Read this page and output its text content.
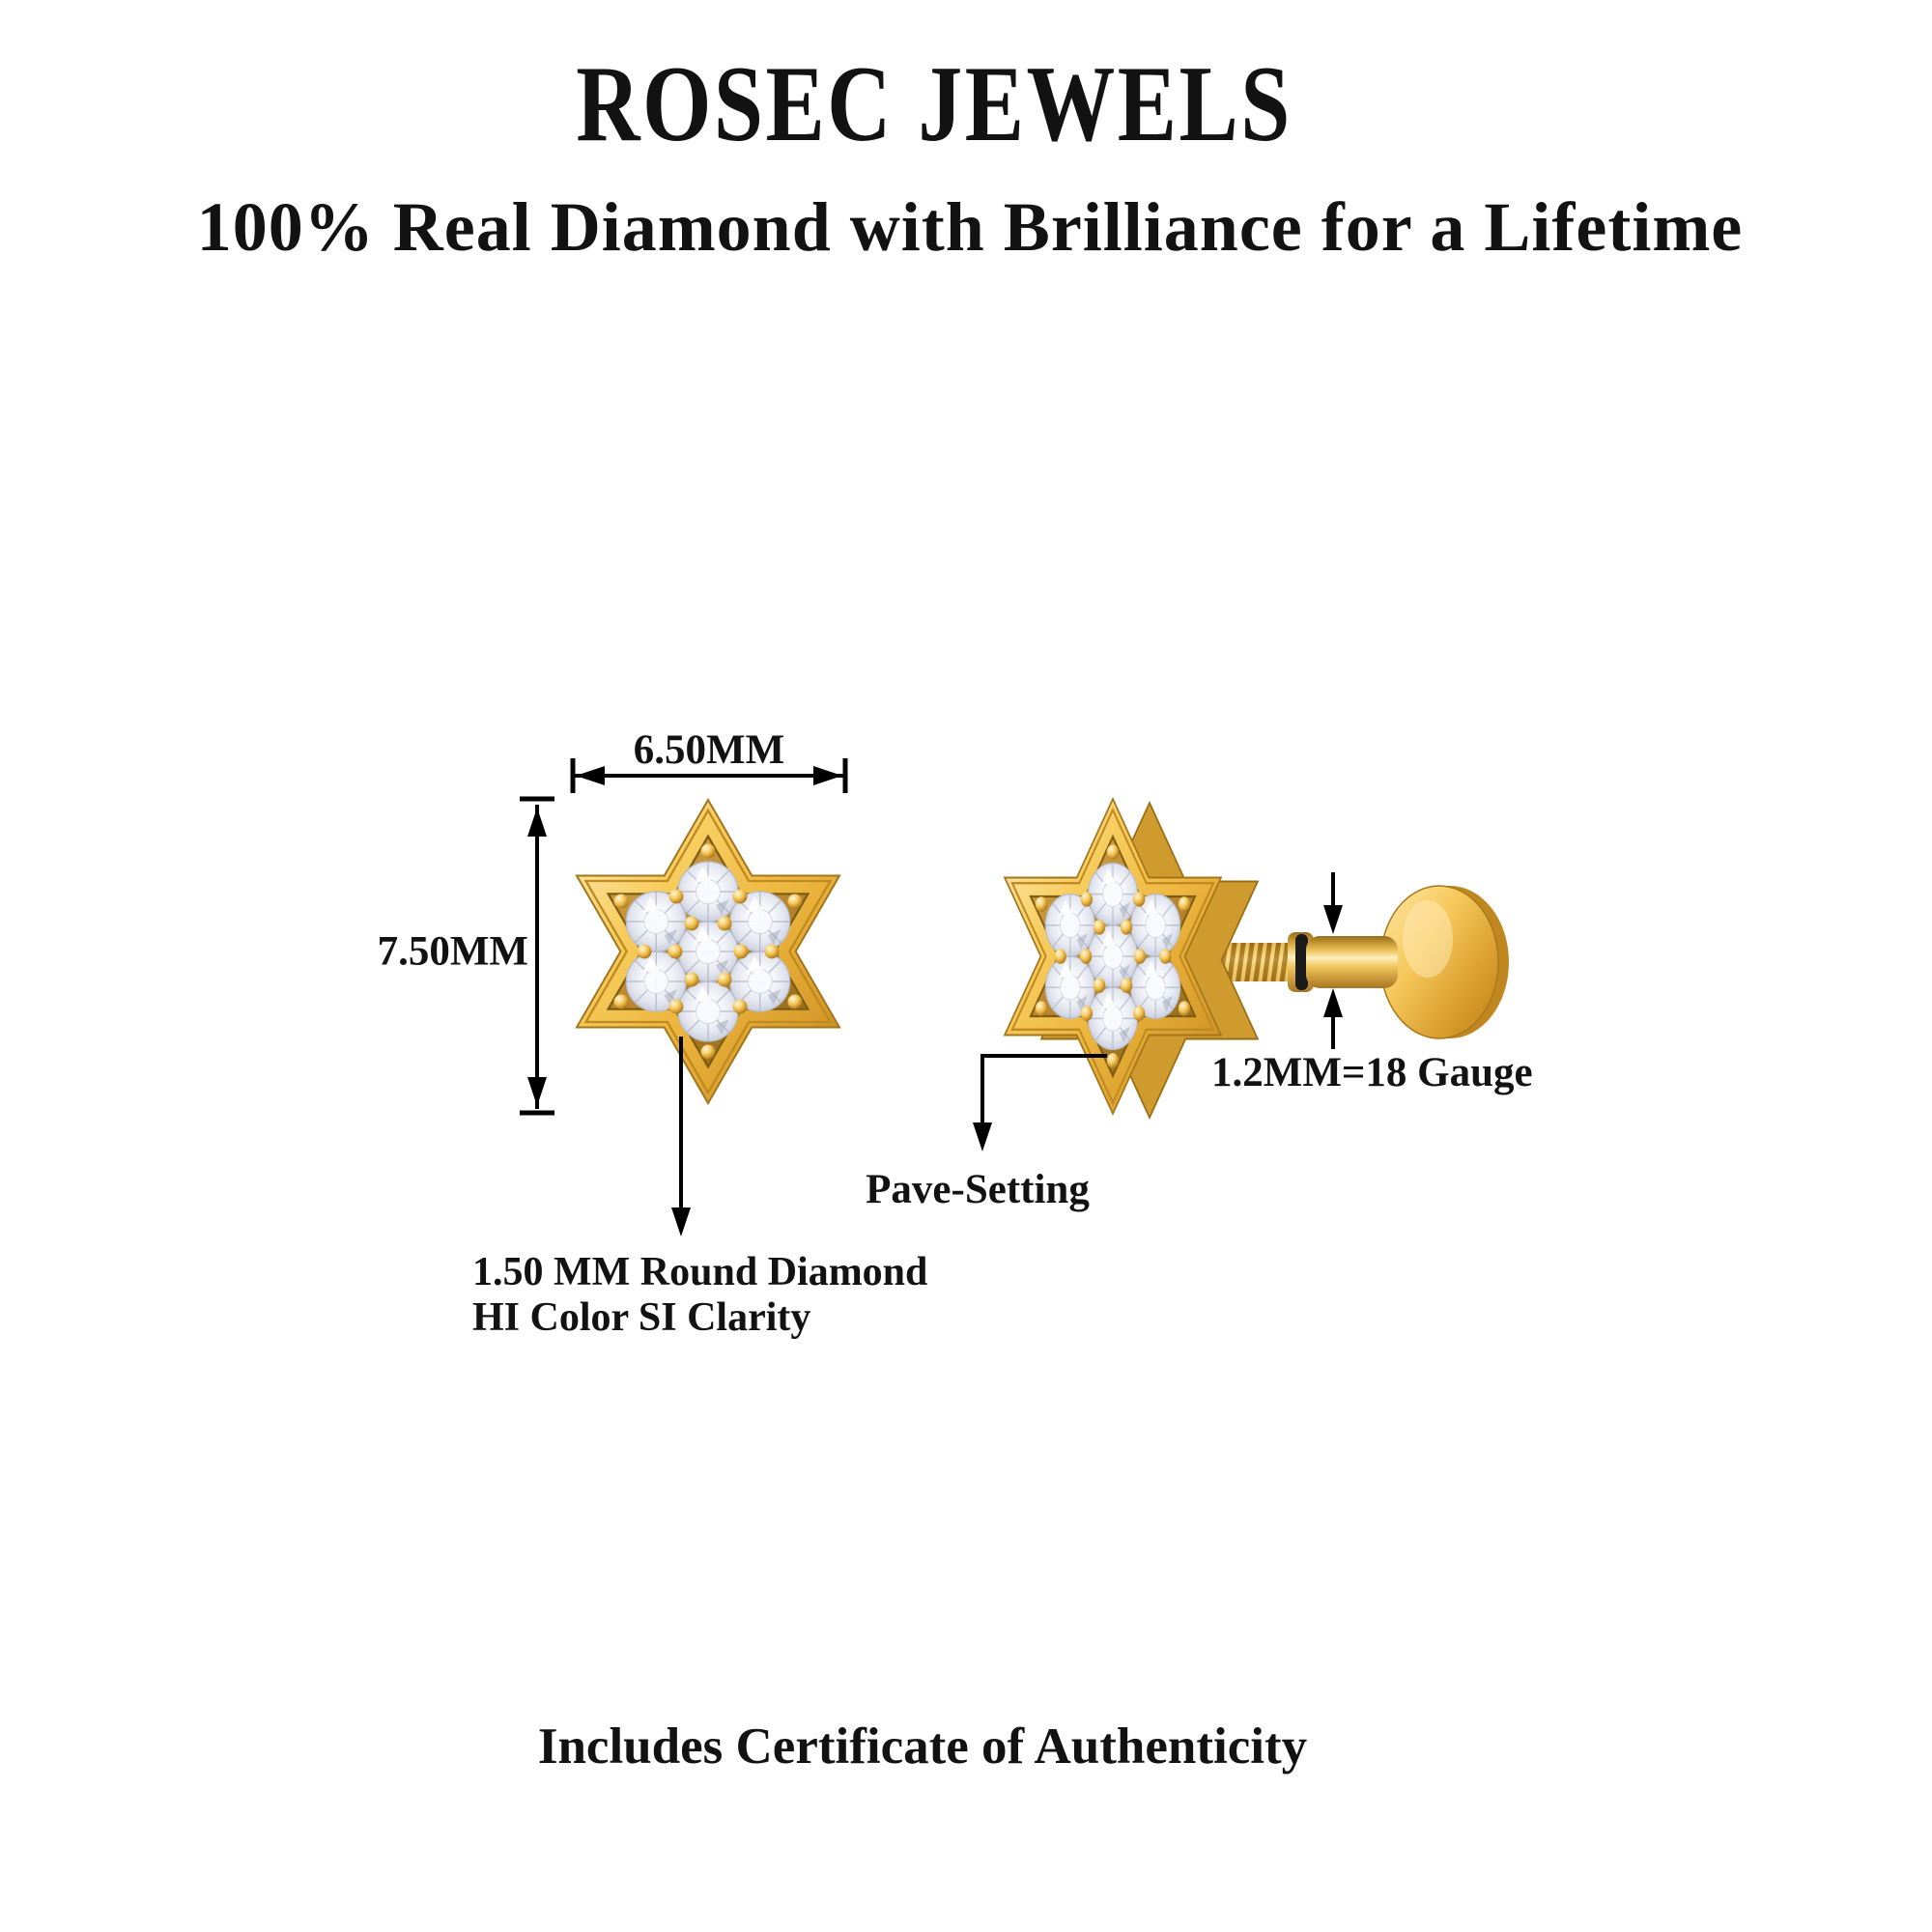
ROSEC JEWELS
100% Real Diamond with Brilliance for a Lifetime
6.50MM
7.50MM
1.2MM=18 Gauge
Pave-Setting
1.50 MM Round Diamond
HI Color SI Clarity
Includes Certificate of Authenticity
